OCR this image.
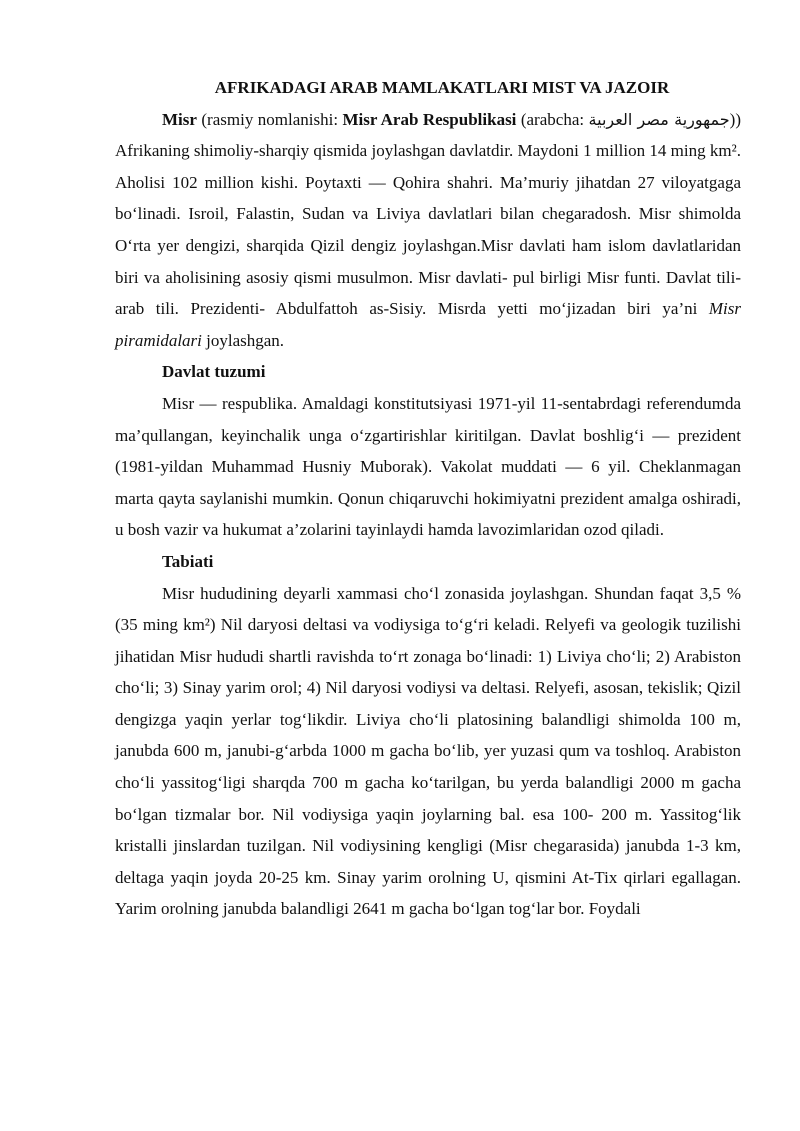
AFRIKADAGI ARAB MAMLAKATLARI MIST VA JAZOIR

Misr (rasmiy nomlanishi: Misr Arab Respublikasi (arabcha: جمهورية مصر العربية)) Afrikaning shimoliy-sharqiy qismida joylashgan davlatdir. Maydoni 1 million 14 ming km². Aholisi 102 million kishi. Poytaxti — Qohira shahri. Ma’muriy jihatdan 27 viloyatgaga bo‘linadi. Isroil, Falastin, Sudan va Liviya davlatlari bilan chegaradosh. Misr shimolda O‘rta yer dengizi, sharqida Qizil dengiz joylashgan.Misr davlati ham islom davlatlaridan biri va aholisining asosiy qismi musulmon. Misr davlati- pul birligi Misr funti. Davlat tili- arab tili. Prezidenti- Abdulfattoh as-Sisiy. Misrda yetti mo‘jizadan biri ya’ni Misr piramidalari joylashgan.

Davlat tuzumi

Misr — respublika. Amaldagi konstitutsiyasi 1971-yil 11-sentabrdagi referendumda ma’qullangan, keyinchalik unga o‘zgartirishlar kiritilgan. Davlat boshlig‘i — prezident (1981-yildan Muhammad Husniy Muborak). Vakolat muddati — 6 yil. Cheklanmagan marta qayta saylanishi mumkin. Qonun chiqaruvchi hokimiyatni prezident amalga oshiradi, u bosh vazir va hukumat a’zolarini tayinlaydi hamda lavozimlaridan ozod qiladi.

Tabiati

Misr hududining deyarli xammasi cho‘l zonasida joylashgan. Shundan faqat 3,5 % (35 ming km²) Nil daryosi deltasi va vodiysiga to‘g‘ri keladi. Relyefi va geologik tuzilishi jihatidan Misr hududi shartli ravishda to‘rt zonaga bo‘linadi: 1) Liviya cho‘li; 2) Arabiston cho‘li; 3) Sinay yarim orol; 4) Nil daryosi vodiysi va deltasi. Relyefi, asosan, tekislik; Qizil dengizga yaqin yerlar tog‘likdir. Liviya cho‘li platosining balandligi shimolda 100 m, janubda 600 m, janubi-g‘arbda 1000 m gacha bo‘lib, yer yuzasi qum va toshloq. Arabiston cho‘li yassitog‘ligi sharqda 700 m gacha ko‘tarilgan, bu yerda balandligi 2000 m gacha bo‘lgan tizmalar bor. Nil vodiysiga yaqin joylarning bal. esa 100- 200 m. Yassitog‘lik kristalli jinslardan tuzilgan. Nil vodiysining kengligi (Misr chegarasida) janubda 1-3 km, deltaga yaqin joyda 20-25 km. Sinay yarim orolning U, qismini At-Tix qirlari egallagan. Yarim orolning janubda balandligi 2641 m gacha bo‘lgan tog‘lar bor. Foydali
